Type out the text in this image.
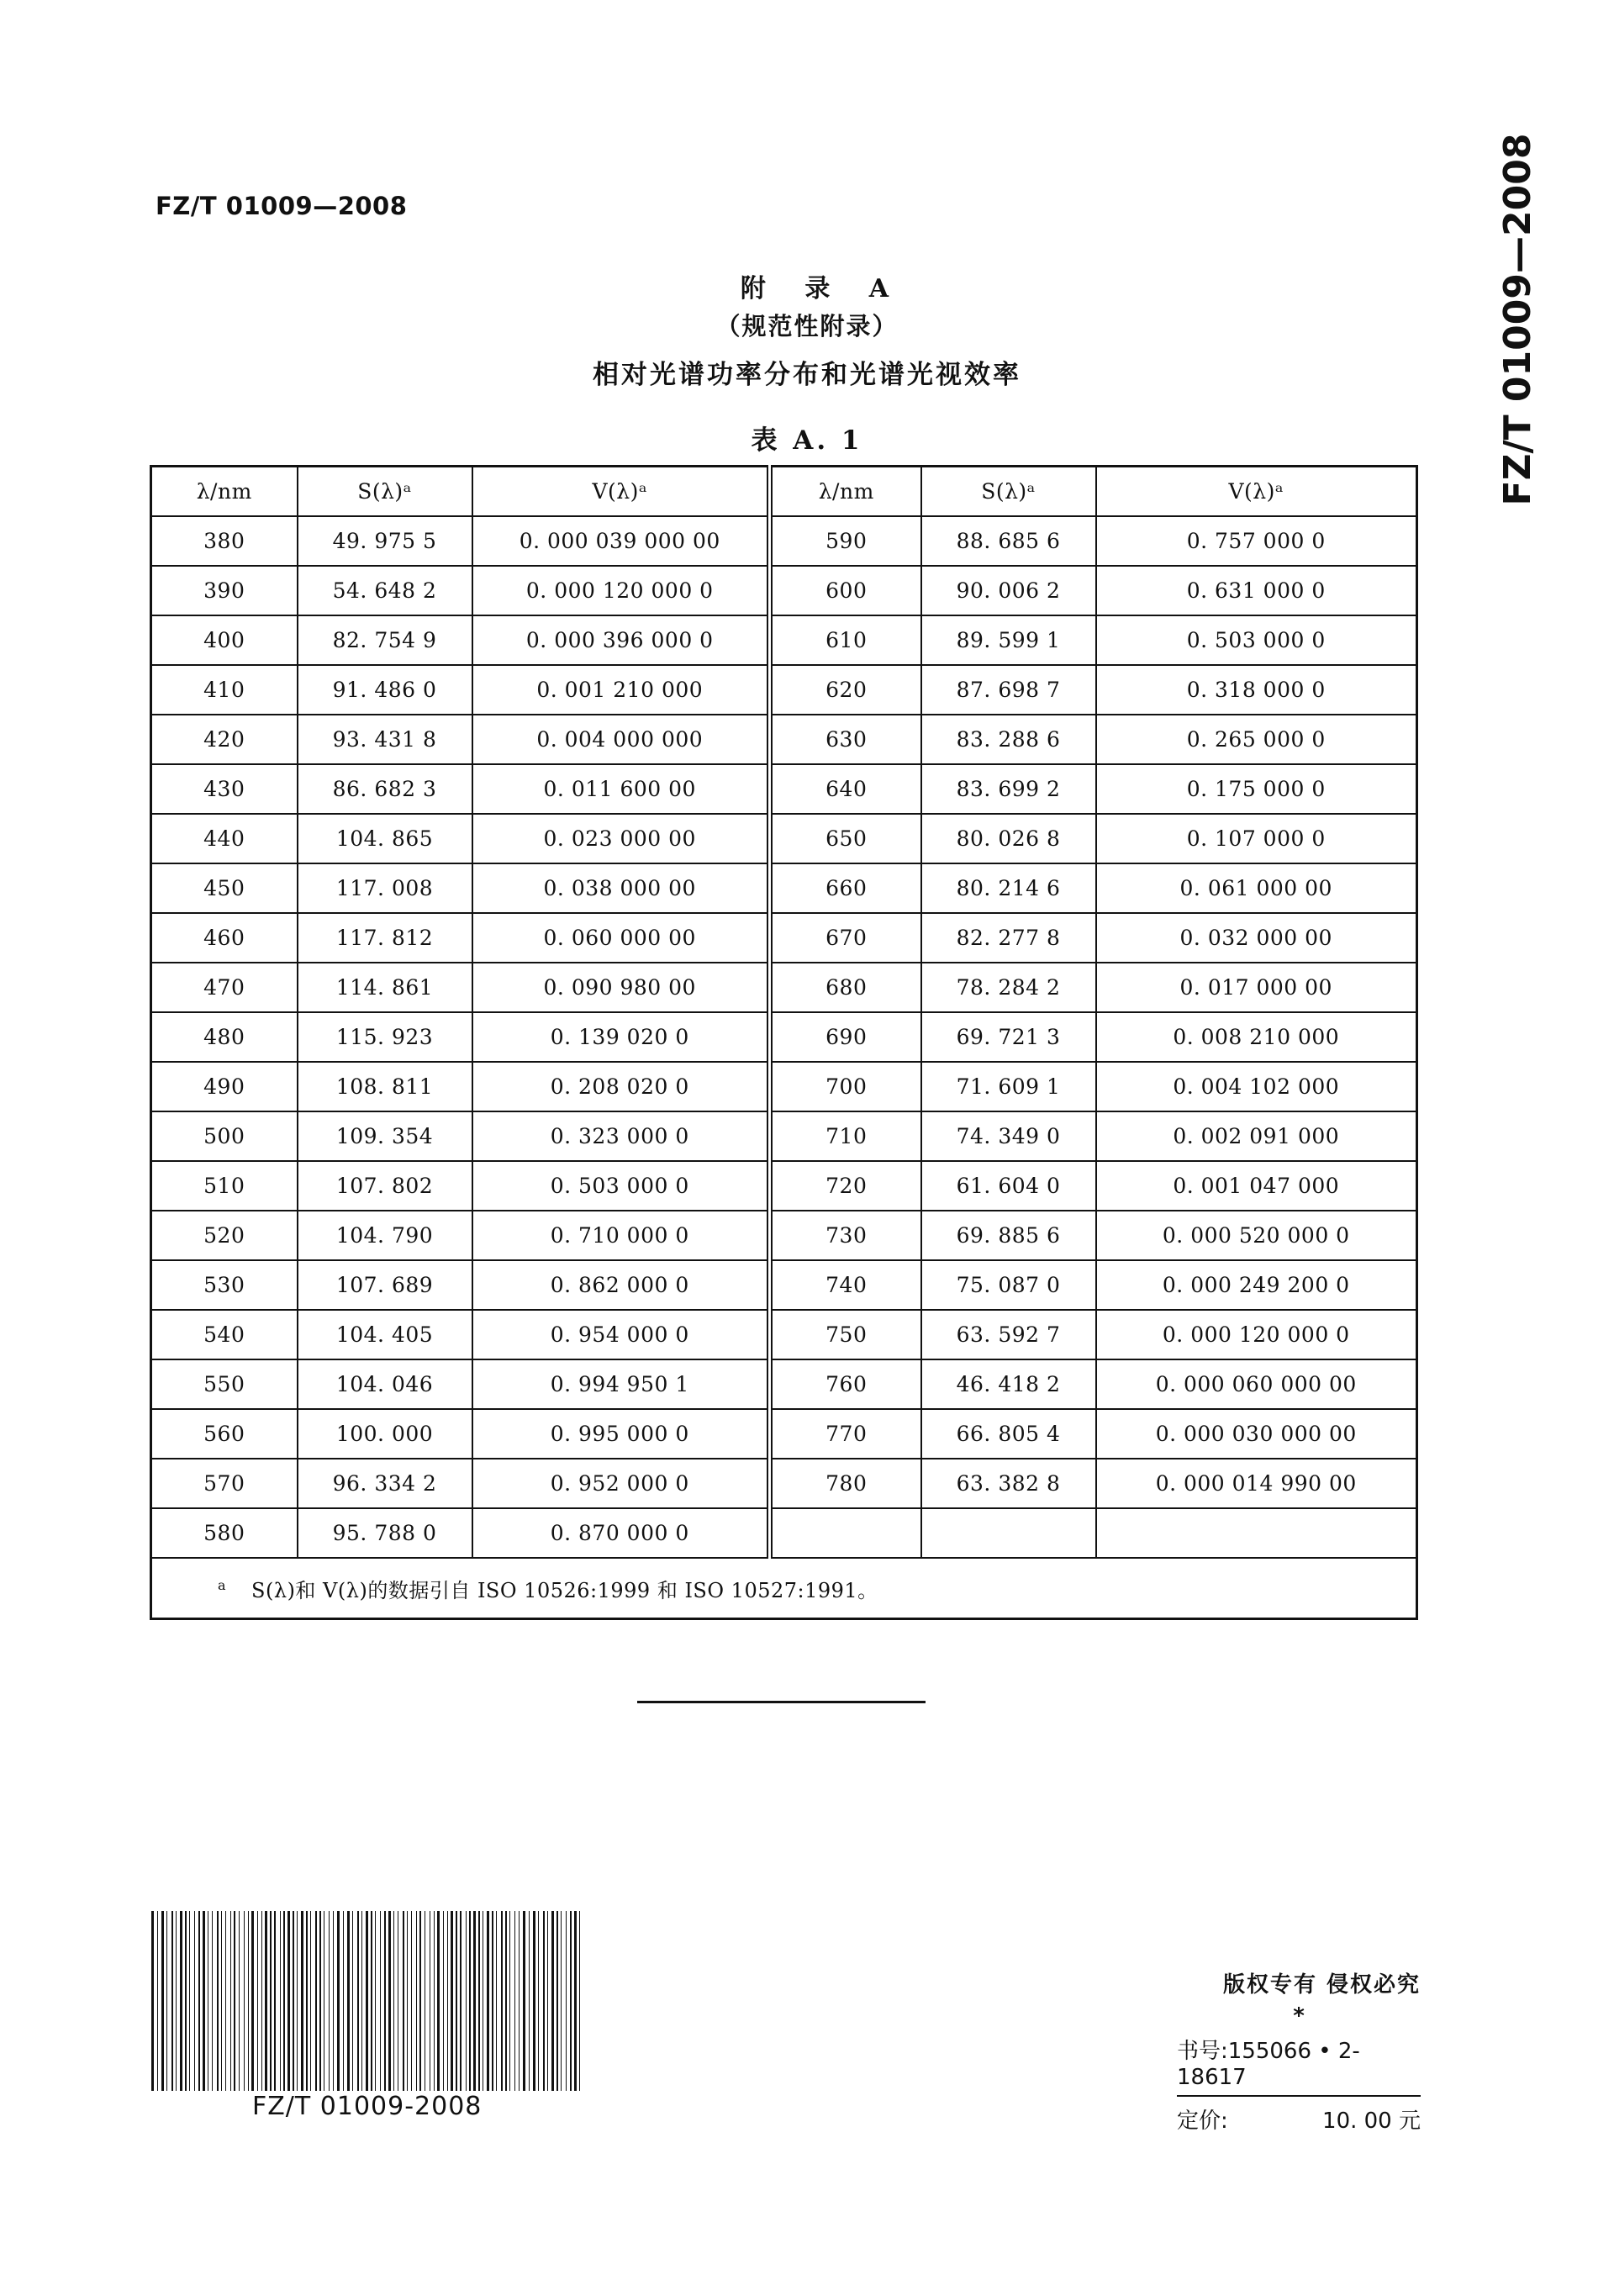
FZ/T 01009—2008	FZ/T 01009—2008
附 录 A
（规范性附录）
相对光谱功率分布和光谱光视效率
表 A. 1
λ/nm	S(λ)ᵃ	V(λ)ᵃ	λ/nm	S(λ)ᵃ	V(λ)ᵃ
380	49. 975 5	0. 000 039 000 00	590	88. 685 6	0. 757 000 0
390	54. 648 2	0. 000 120 000 0	600	90. 006 2	0. 631 000 0
400	82. 754 9	0. 000 396 000 0	610	89. 599 1	0. 503 000 0
410	91. 486 0	0. 001 210 000	620	87. 698 7	0. 318 000 0
420	93. 431 8	0. 004 000 000	630	83. 288 6	0. 265 000 0
430	86. 682 3	0. 011 600 00	640	83. 699 2	0. 175 000 0
440	104. 865	0. 023 000 00	650	80. 026 8	0. 107 000 0
450	117. 008	0. 038 000 00	660	80. 214 6	0. 061 000 00
460	117. 812	0. 060 000 00	670	82. 277 8	0. 032 000 00
470	114. 861	0. 090 980 00	680	78. 284 2	0. 017 000 00
480	115. 923	0. 139 020 0	690	69. 721 3	0. 008 210 000
490	108. 811	0. 208 020 0	700	71. 609 1	0. 004 102 000
500	109. 354	0. 323 000 0	710	74. 349 0	0. 002 091 000
510	107. 802	0. 503 000 0	720	61. 604 0	0. 001 047 000
520	104. 790	0. 710 000 0	730	69. 885 6	0. 000 520 000 0
530	107. 689	0. 862 000 0	740	75. 087 0	0. 000 249 200 0
540	104. 405	0. 954 000 0	750	63. 592 7	0. 000 120 000 0
550	104. 046	0. 994 950 1	760	46. 418 2	0. 000 060 000 00
560	100. 000	0. 995 000 0	770	66. 805 4	0. 000 030 000 00
570	96. 334 2	0. 952 000 0	780	63. 382 8	0. 000 014 990 00
580	95. 788 0	0. 870 000 0			
$^a$ S(λ)和 V(λ)的数据引自 ISO 10526:1999 和 ISO 10527:1991。					
FZ/T 01009-2008
版权专有 侵权必究
*
书号:155066 • 2-18617
定价:	10. 00 元
